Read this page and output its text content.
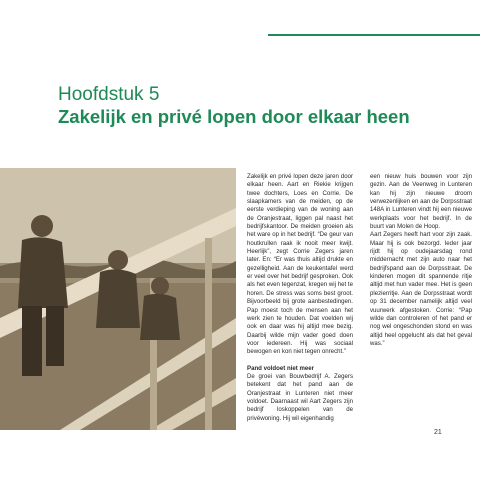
Hoofdstuk 5
Zakelijk en privé lopen door elkaar heen

Zakelijk en privé lopen deze jaren door elkaar heen. Aart en Riekie krijgen twee dochters, Loes en Corrie. De slaapkamers van de meiden, op de eerste verdieping van de woning aan de Oranjestraat, liggen pal naast het bedrijfskantoor. De meiden groeien als het ware op in het bedrijf. “De geur van houtkrullen raak ik nooit meer kwijt. Heerlijk”, zegt Corrie Zegers jaren later. En: “Er was thuis altijd drukte en gezelligheid. Aan de keukentafel werd er veel over het bedrijf gesproken. Ook als het even tegenzat, kregen wij het te horen. De stress was soms best groot. Bijvoorbeeld bij grote aanbestedingen. Pap moest toch de mensen aan het werk zien te houden. Dat voelden wij ook en daar was hij altijd mee bezig. Daarbij wilde mijn vader goed doen voor iedereen. Hij was sociaal bewogen en kon niet tegen onrecht.”

Pand voldoet niet meer

De groei van Bouwbedrijf A. Zegers betekent dat het pand aan de Oranjestraat in Lunteren niet meer voldoet. Daarnaast wil Aart Zegers zijn bedrijf loskoppelen van de privéwoning. Hij wil eigenhandig

een nieuw huis bouwen voor zijn gezin. Aan de Veenweg in Lunteren kan hij zijn nieuwe droom verwezenlijken en aan de Dorpsstraat 148A in Lunteren vindt hij een nieuwe werkplaats voor het bedrijf. In de buurt van Molen de Hoop.

Aart Zegers heeft hart voor zijn zaak. Maar hij is ook bezorgd. Ieder jaar rijdt hij op oudejaarsdag rond middernacht met zijn auto naar het bedrijfspand aan de Dorpsstraat. De kinderen mogen dit spannende ritje altijd met hun vader mee. Het is geen plezierritje. Aan de Dorpsstraat wordt op 31 december namelijk altijd veel vuurwerk afgestoken. Corrie: “Pap wilde dan controleren of het pand er nog wel ongeschonden stond en was altijd heel opgelucht als dat het geval was.”

21
